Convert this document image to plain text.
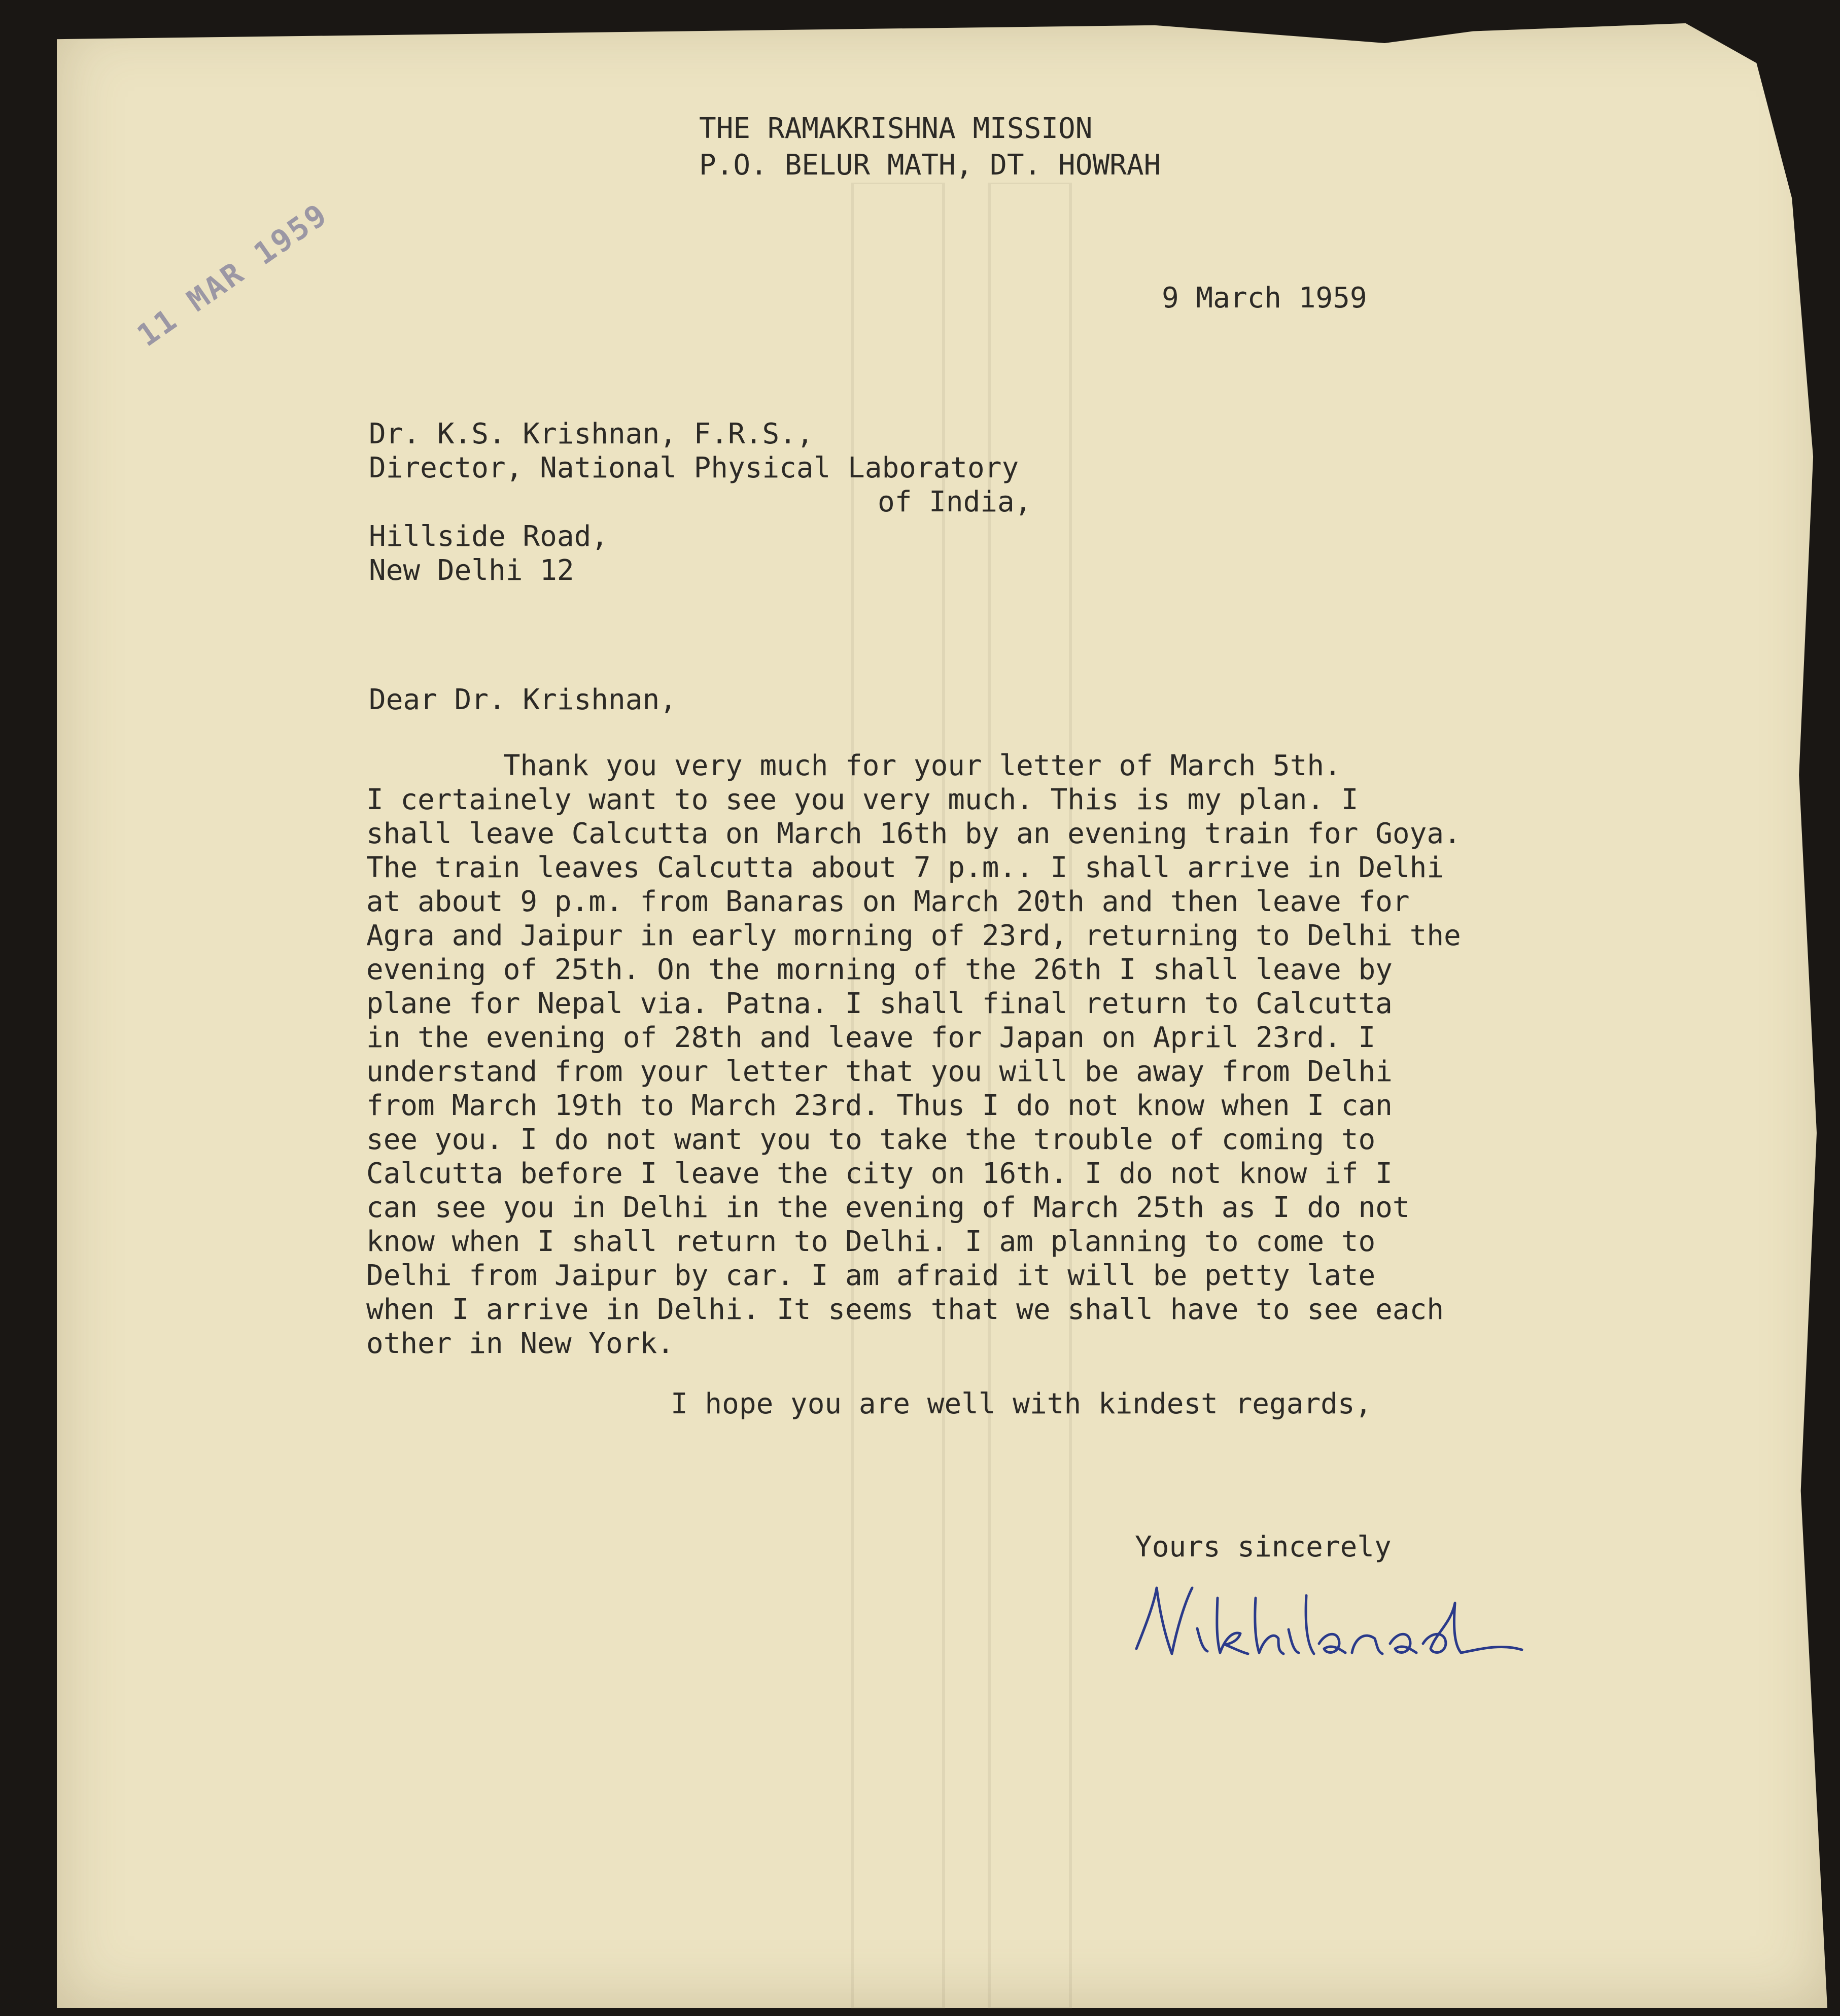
11 MAR 1959
THE RAMAKRISHNA MISSION
P.O. BELUR MATH, DT. HOWRAH
9 March 1959
Dr. K.S. Krishnan, F.R.S.,
Director, National Physical Laboratory
of India,
Hillside Road,
New Delhi 12
Dear Dr. Krishnan,
Thank you very much for your letter of March 5th.
I certainely want to see you very much. This is my plan. I
shall leave Calcutta on March 16th by an evening train for Goya.
The train leaves Calcutta about 7 p.m.. I shall arrive in Delhi
at about 9 p.m. from Banaras on March 20th and then leave for
Agra and Jaipur in early morning of 23rd, returning to Delhi the
evening of 25th. On the morning of the 26th I shall leave by
plane for Nepal via. Patna. I shall final return to Calcutta
in the evening of 28th and leave for Japan on April 23rd. I
understand from your letter that you will be away from Delhi
from March 19th to March 23rd. Thus I do not know when I can
see you. I do not want you to take the trouble of coming to
Calcutta before I leave the city on 16th. I do not know if I
can see you in Delhi in the evening of March 25th as I do not
know when I shall return to Delhi. I am planning to come to
Delhi from Jaipur by car. I am afraid it will be petty late
when I arrive in Delhi. It seems that we shall have to see each
other in New York.
I hope you are well with kindest regards,
Yours sincerely
